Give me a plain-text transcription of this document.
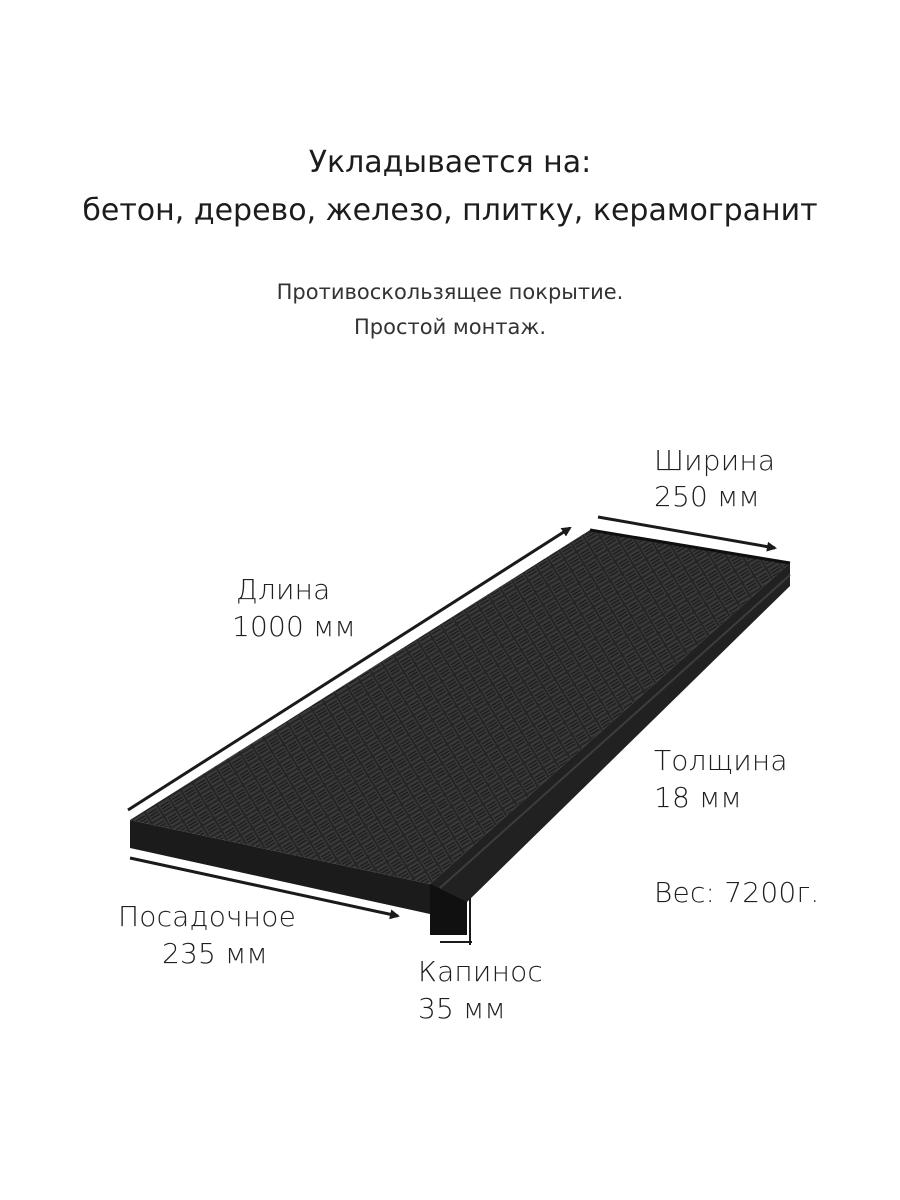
Укладывается на:
бетон, дерево, железо, плитку, керамогранит
Противоскользящее покрытие.
Простой монтаж.
Ширина
250 мм
Длина
1000 мм
Толщина
18 мм
Вес: 7200г.
Посадочное
235 мм
Капинос
35 мм
